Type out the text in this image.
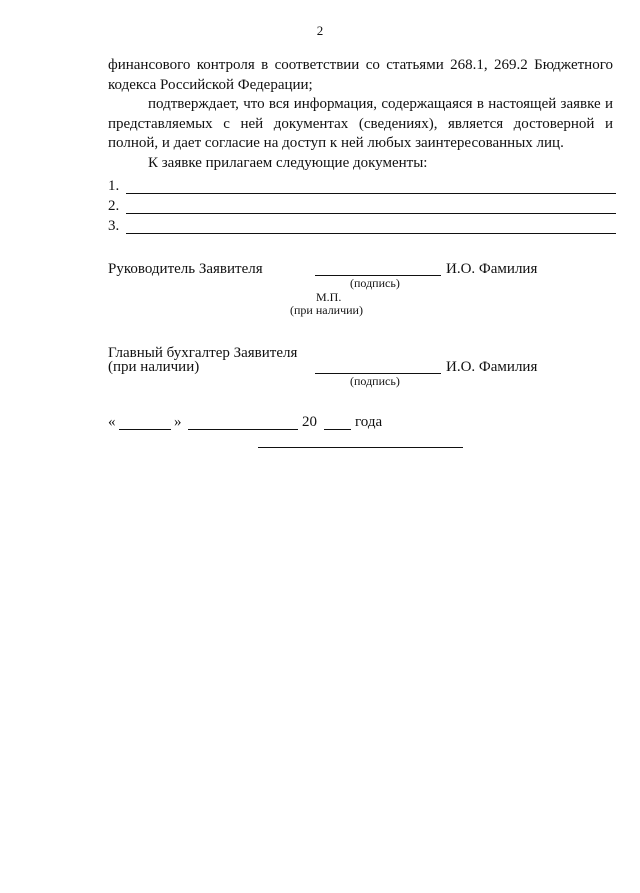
2

финансового контроля в соответствии со статьями 268.1, 269.2 Бюджетного кодекса Российской Федерации;

подтверждает, что вся информация, содержащаяся в настоящей заявке и представляемых с ней документах (сведениях), является достоверной и полной, и дает согласие на доступ к ней любых заинтересованных лиц.

К заявке прилагаем следующие документы:

1.
2.
3.
Руководитель Заявителя	И.О. Фамилия
(подпись)
М.П.
(при наличии)
Главный бухгалтер Заявителя
(при наличии)	И.О. Фамилия
(подпись)
«	»	20	года
